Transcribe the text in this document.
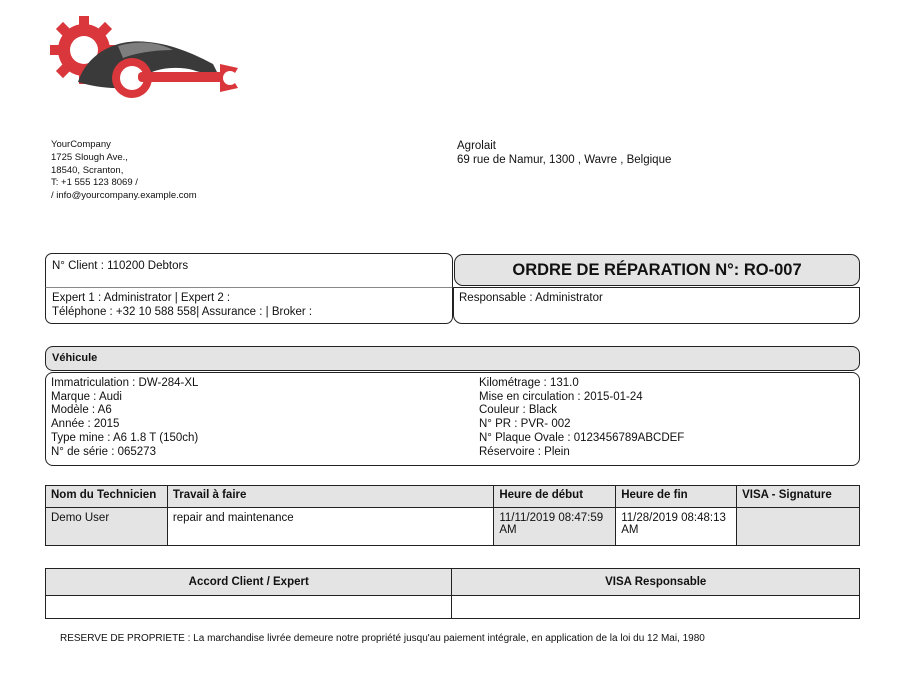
YourCompany
1725 Slough Ave.,
18540, Scranton,
T: +1 555 123 8069 /
/ info@yourcompany.example.com
Agrolait
69 rue de Namur, 1300 , Wavre , Belgique
N° Client : 110200 Debtors
Expert 1 : Administrator | Expert 2 :
Téléphone : +32 10 588 558| Assurance : | Broker :
ORDRE DE RÉPARATION N°: RO-007
Responsable : Administrator
Véhicule
Immatriculation : DW-284-XL
Marque : Audi
Modèle : A6
Année : 2015
Type mine : A6 1.8 T (150ch)
N° de série : 065273
Kilométrage : 131.0
Mise en circulation : 2015-01-24
Couleur : Black
N° PR : PVR- 002
N° Plaque Ovale : 0123456789ABCDEF
Réservoire : Plein
Nom du Technicien	Travail à faire	Heure de début	Heure de fin	VISA - Signature
Demo User	repair and maintenance	11/11/2019 08:47:59 AM	11/28/2019 08:48:13 AM	
Accord Client / Expert	VISA Responsable

RESERVE DE PROPRIETE : La marchandise livrée demeure notre propriété jusqu'au paiement intégrale, en application de la loi du 12 Mai, 1980
